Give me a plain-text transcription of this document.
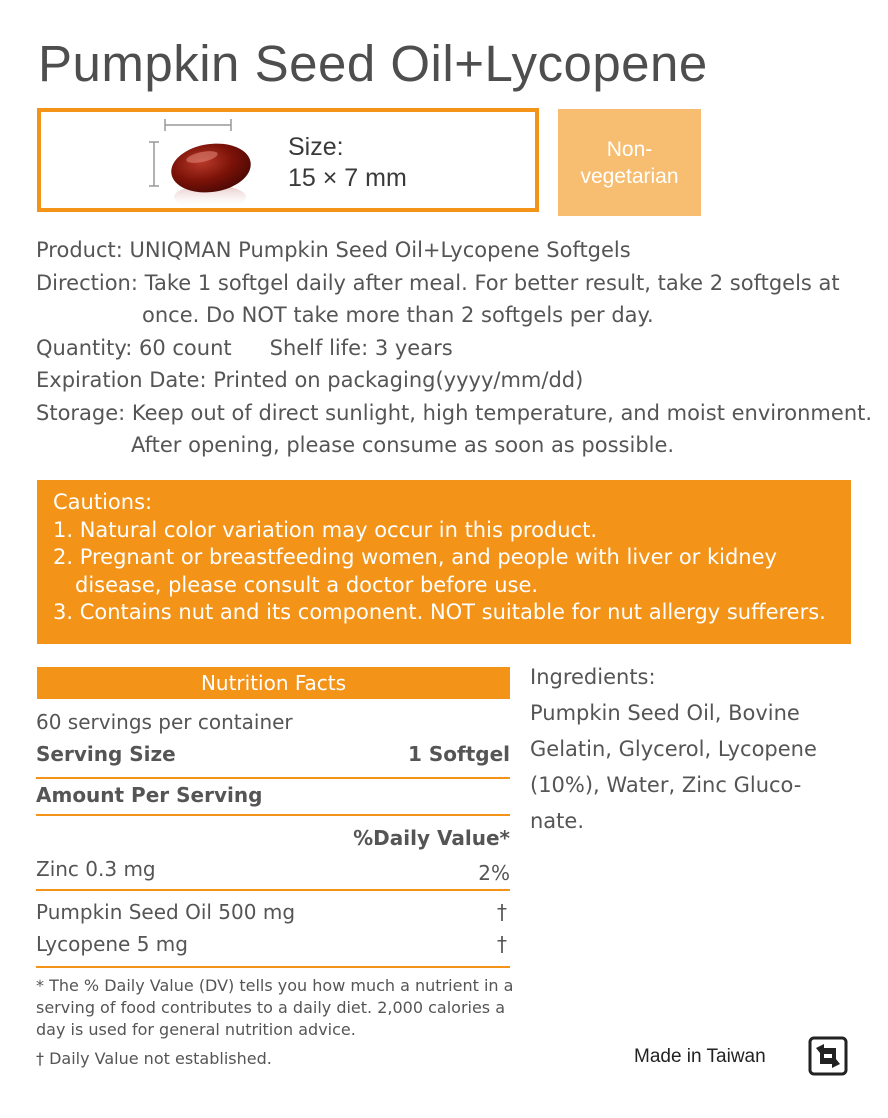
Pumpkin Seed Oil+Lycopene
Size:
15 × 7 mm
Non-
vegetarian
Product: UNIQMAN Pumpkin Seed Oil+Lycopene Softgels
Direction: Take 1 softgel daily after meal. For better result, take 2 softgels at
once. Do NOT take more than 2 softgels per day.
Quantity: 60 count Shelf life: 3 years
Expiration Date: Printed on packaging(yyyy/mm/dd)
Storage: Keep out of direct sunlight, high temperature, and moist environment.
After opening, please consume as soon as possible.
Cautions:
1. Natural color variation may occur in this product.
2. Pregnant or breastfeeding women, and people with liver or kidney
disease, please consult a doctor before use.
3. Contains nut and its component. NOT suitable for nut allergy sufferers.
Nutrition Facts
60 servings per container
Serving Size	1 Softgel
Amount Per Serving
%Daily Value*
Zinc 0.3 mg	2%
Pumpkin Seed Oil 500 mg	†
Lycopene 5 mg	†
* The % Daily Value (DV) tells you how much a nutrient in a serving of food contributes to a daily diet. 2,000 calories a day is used for general nutrition advice.
† Daily Value not established.
Ingredients:
Pumpkin Seed Oil, Bovine Gelatin, Glycerol, Lycopene (10%), Water, Zinc Gluco-nate.
Made in Taiwan
